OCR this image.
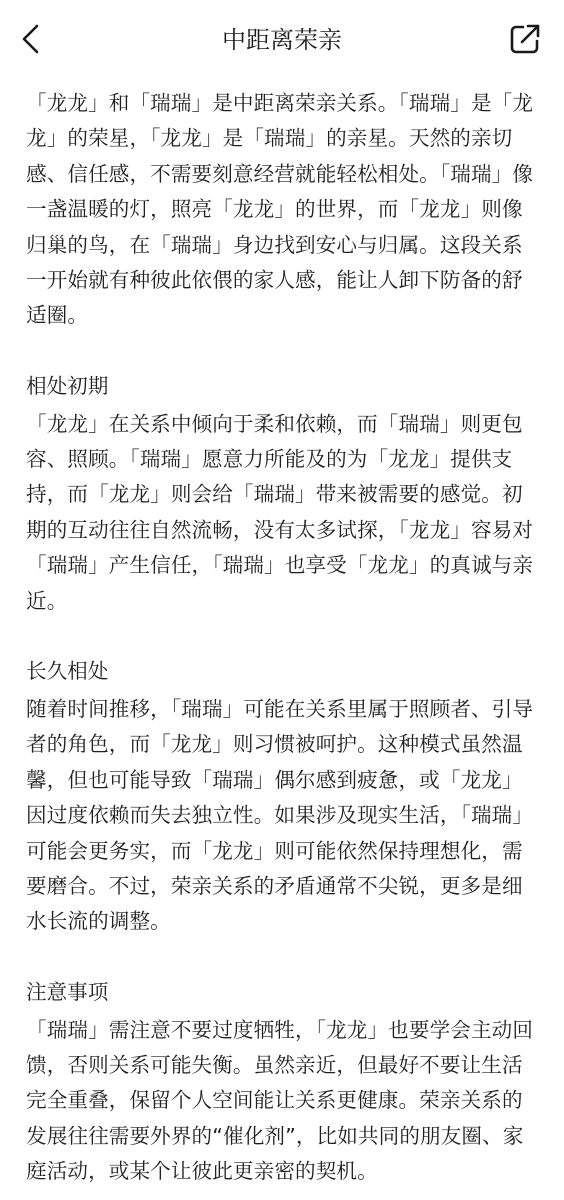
中距离荣亲

「龙龙」和「瑞瑞」是中距离荣亲关系。「瑞瑞」是「龙龙」的荣星，「龙龙」是「瑞瑞」的亲星。天然的亲切感、信任感，不需要刻意经营就能轻松相处。「瑞瑞」像一盏温暖的灯，照亮「龙龙」的世界，而「龙龙」则像归巢的鸟，在「瑞瑞」身边找到安心与归属。这段关系一开始就有种彼此依偎的家人感，能让人卸下防备的舒适圈。

相处初期

「龙龙」在关系中倾向于柔和依赖，而「瑞瑞」则更包容、照顾。「瑞瑞」愿意力所能及的为「龙龙」提供支持，而「龙龙」则会给「瑞瑞」带来被需要的感觉。初期的互动往往自然流畅，没有太多试探，「龙龙」容易对「瑞瑞」产生信任，「瑞瑞」也享受「龙龙」的真诚与亲近。

长久相处

随着时间推移，「瑞瑞」可能在关系里属于照顾者、引导者的角色，而「龙龙」则习惯被呵护。这种模式虽然温馨，但也可能导致「瑞瑞」偶尔感到疲惫，或「龙龙」因过度依赖而失去独立性。如果涉及现实生活，「瑞瑞」可能会更务实，而「龙龙」则可能依然保持理想化，需要磨合。不过，荣亲关系的矛盾通常不尖锐，更多是细水长流的调整。

注意事项

「瑞瑞」需注意不要过度牺牲，「龙龙」也要学会主动回馈，否则关系可能失衡。虽然亲近，但最好不要让生活完全重叠，保留个人空间能让关系更健康。荣亲关系的发展往往需要外界的“催化剂”，比如共同的朋友圈、家庭活动，或某个让彼此更亲密的契机。
